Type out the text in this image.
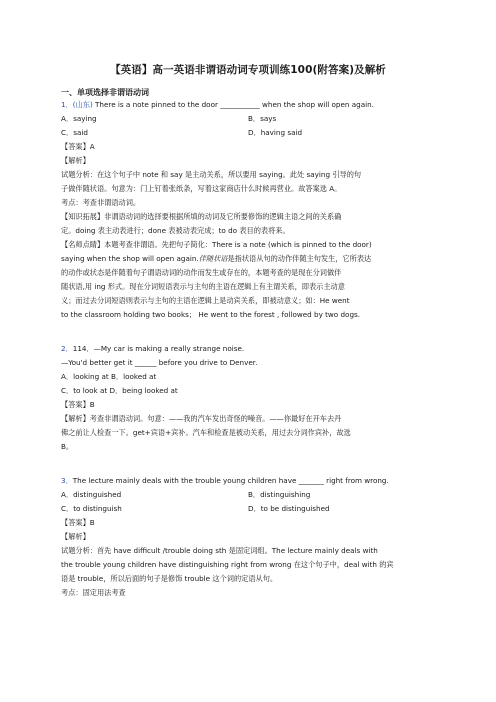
【英语】高一英语非谓语动词专项训练100(附答案)及解析
一、单项选择非谓语动词
1．(山东) There is a note pinned to the door ___________ when the shop will open again.
A．saying	B．says
C．said	D．having said
【答案】A
【解析】
试题分析：在这个句子中 note 和 say 是主动关系，所以要用 saying。此处 saying 引导的句
子做伴随状语。句意为：门上钉着张纸条，写着这家商店什么时候再营业。故答案选 A。
考点：考查非谓语动词。
【知识拓展】非谓语动词的选择要根据所填的动词及它所要修饰的逻辑主语之间的关系确
定。doing 表主动表进行；done 表被动表完成；to do 表目的表将来。
【名师点睛】本题考查非谓语。先把句子简化：There is a note (which is pinned to the door)
saying when the shop will open again.伴随状语是指状语从句的动作伴随主句发生，它所表达
的动作或状态是伴随着句子谓语动词的动作而发生或存在的，本题考查的是现在分词做伴
随状语,用 ing 形式。现在分词短语表示与主句的主语在逻辑上有主谓关系，即表示主动意
义；而过去分词短语则表示与主句的主语在逻辑上是动宾关系，即被动意义；如：He went
to the classroom holding two books； He went to the forest , followed by two dogs.
2．114．—My car is making a really strange noise.
—You'd better get it ______ before you drive to Denver.
A．looking at B．looked at
C．to look at D．being looked at
【答案】B
【解析】考查非谓语动词。句意：——我的汽车发出奇怪的噪音。——你最好在开车去丹
佛之前让人检查一下。get+宾语+宾补。汽车和检查是被动关系，用过去分词作宾补，故选
B。
3．The lecture mainly deals with the trouble young children have _______ right from wrong.
A．distinguished	B．distinguishing
C．to distinguish	D．to be distinguished
【答案】B
【解析】
试题分析：首先 have difficult /trouble doing sth 是固定词组。The lecture mainly deals with
the trouble young children have distinguishing right from wrong 在这个句子中，deal with 的宾
语是 trouble，所以后面的句子是修饰 trouble 这个词的定语从句。
考点：固定用法考查
